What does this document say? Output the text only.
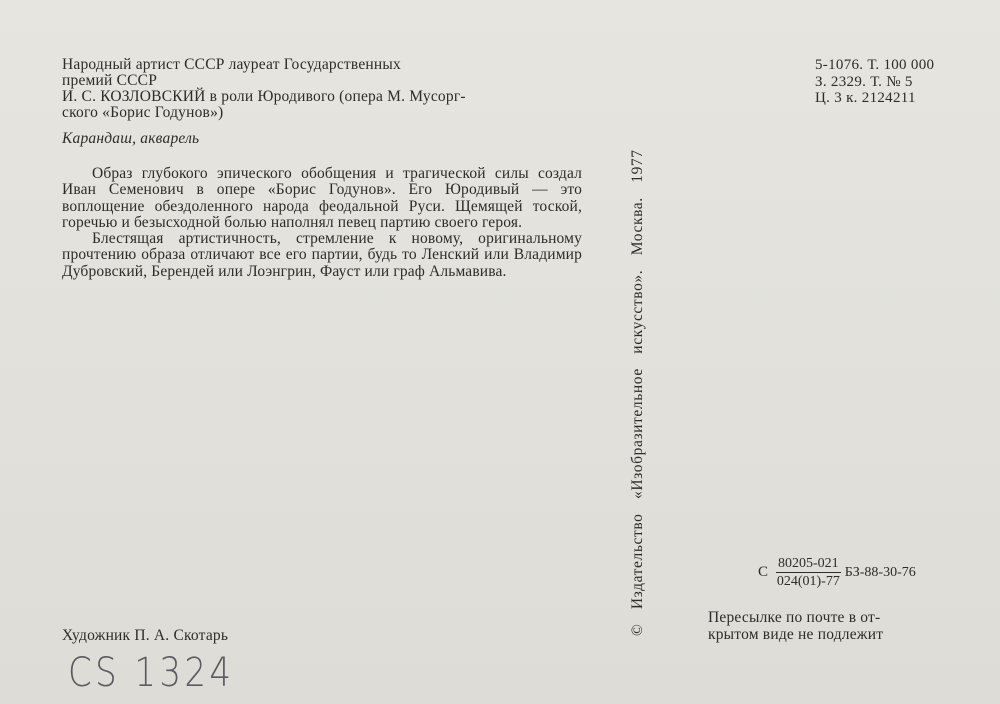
Народный артист СССР лауреат Государственных
премий СССР
И. С. КОЗЛОВСКИЙ в роли Юродивого (опера М. Мусорг-
ского «Борис Годунов»)
Карандаш, акварель

Образ глубокого эпического обобщения и трагической силы создал Иван Семенович в опере «Борис Годунов». Его Юродивый — это воплощение обездоленного народа феодальной Руси. Щемящей тоской, горечью и безысходной болью наполнял певец партию своего героя.

Блестящая артистичность, стремление к новому, оригинальному прочтению образа отличают все его партии, будь то Ленский или Владимир Дубровский, Берендей или Лоэнгрин, Фауст или граф Альмавива.

5-1076. Т. 100 000
З. 2329. Т. № 5
Ц. 3 к. 2124211
© Издательство «Изобразительное искусство». Москва. 1977	С $\frac{80205-021}{024(01)-77} БЗ-88-30-76$
Пересылке по почте в от-
крытом виде не подлежит
Художник П. А. Скотарь
CS 1324
